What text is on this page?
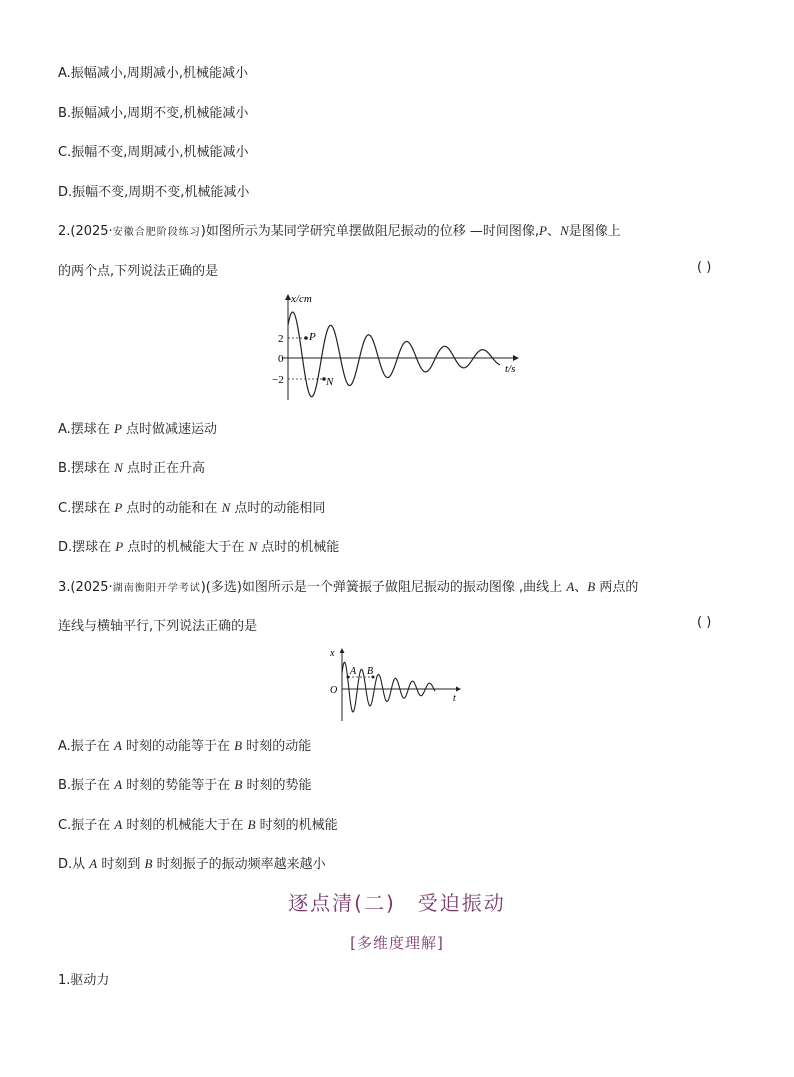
A.振幅减小,周期减小,机械能减小
B.振幅减小,周期不变,机械能减小
C.振幅不变,周期减小,机械能减小
D.振幅不变,周期不变,机械能减小
2.(2025·安徽合肥阶段练习)如图所示为某同学研究单摆做阻尼振动的位移 —时间图像,P、N是图像上
的两个点,下列说法正确的是	( )
x/cm
t/s
2
0
−2
P
N
A.摆球在 P 点时做减速运动
B.摆球在 N 点时正在升高
C.摆球在 P 点时的动能和在 N 点时的动能相同
D.摆球在 P 点时的机械能大于在 N 点时的机械能
3.(2025·湖南衡阳开学考试)(多选)如图所示是一个弹簧振子做阻尼振动的振动图像 ,曲线上 A、B 两点的
连线与横轴平行,下列说法正确的是	( )
x
t
O
A B
A.振子在 A 时刻的动能等于在 B 时刻的动能
B.振子在 A 时刻的势能等于在 B 时刻的势能
C.振子在 A 时刻的机械能大于在 B 时刻的机械能
D.从 A 时刻到 B 时刻振子的振动频率越来越小
逐点清(二)　受迫振动
[多维度理解]
1.驱动力
